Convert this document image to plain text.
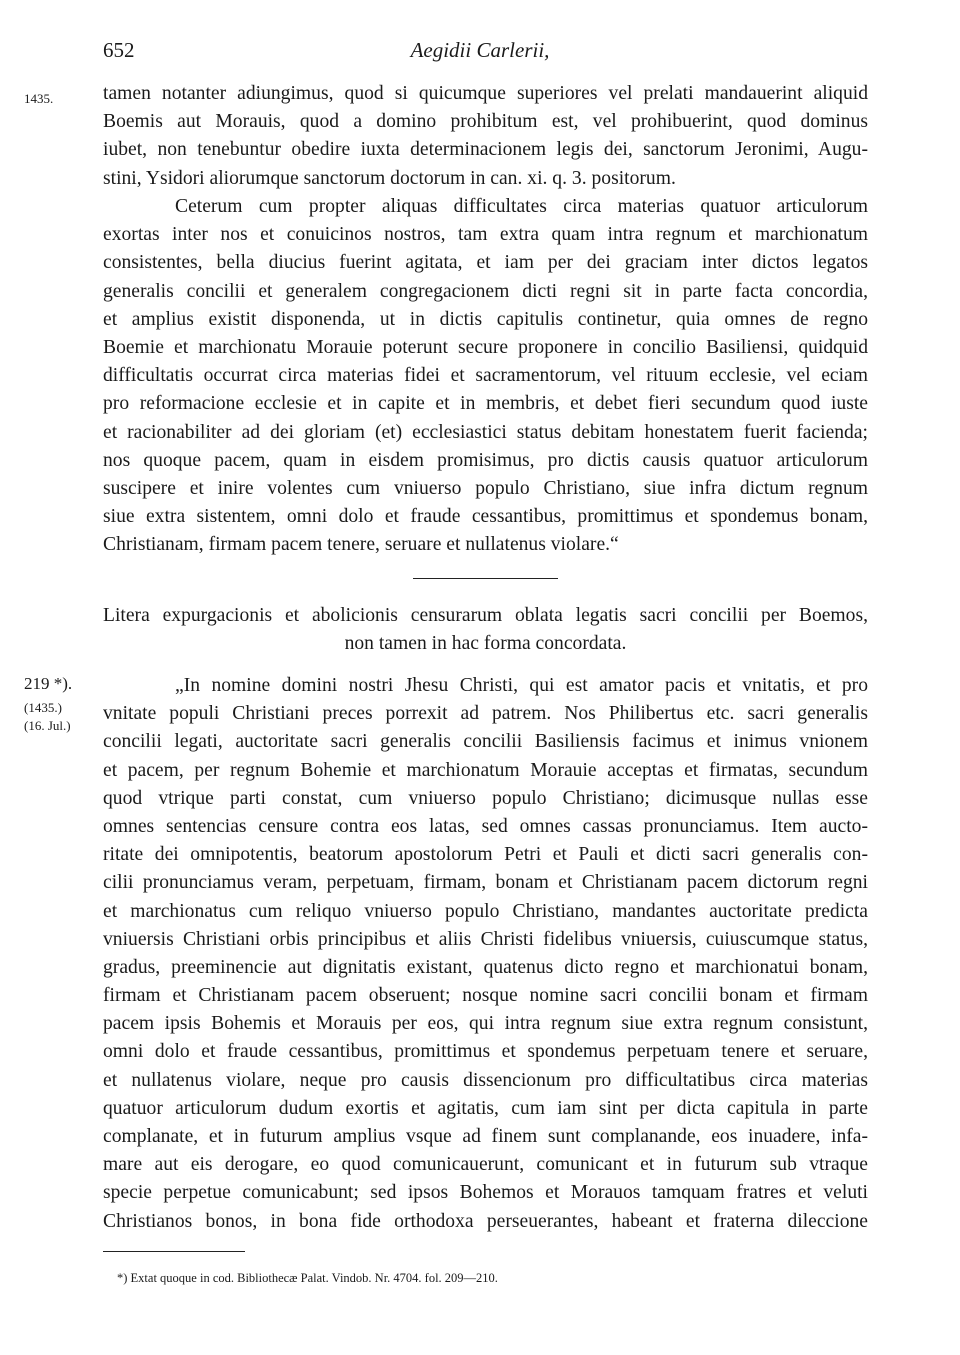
652	Aegidii Carlerii,
1435.	tamen notanter adiungimus, quod si quicumque superiores vel prelati mandauerint aliquid
Boemis aut Morauis, quod a domino prohibitum est, vel prohibuerint, quod dominus
iubet, non tenebuntur obedire iuxta determinacionem legis dei, sanctorum Jeronimi, Augu-
stini, Ysidori aliorumque sanctorum doctorum in can. xi. q. 3. positorum.
Ceterum cum propter aliquas difficultates circa materias quatuor articulorum
exortas inter nos et conuicinos nostros, tam extra quam intra regnum et marchionatum
consistentes, bella diucius fuerint agitata, et iam per dei graciam inter dictos legatos
generalis concilii et generalem congregacionem dicti regni sit in parte facta concordia,
et amplius existit disponenda, ut in dictis capitulis continetur, quia omnes de regno
Boemie et marchionatu Morauie poterunt secure proponere in concilio Basiliensi, quidquid
difficultatis occurrat circa materias fidei et sacramentorum, vel rituum ecclesie, vel eciam
pro reformacione ecclesie et in capite et in membris, et debet fieri secundum quod iuste
et racionabiliter ad dei gloriam (et) ecclesiastici status debitam honestatem fuerit facienda;
nos quoque pacem, quam in eisdem promisimus, pro dictis causis quatuor articulorum
suscipere et inire volentes cum vniuerso populo Christiano, siue infra dictum regnum
siue extra sistentem, omni dolo et fraude cessantibus, promittimus et spondemus bonam,
Christianam, firmam pacem tenere, seruare et nullatenus violare.“
Litera expurgacionis et abolicionis censurarum oblata legatis sacri concilii per Boemos,
non tamen in hac forma concordata.
219 *).
(1435.)
(16. Jul.)
„In nomine domini nostri Jhesu Christi, qui est amator pacis et vnitatis, et pro
vnitate populi Christiani preces porrexit ad patrem. Nos Philibertus etc. sacri generalis
concilii legati, auctoritate sacri generalis concilii Basiliensis facimus et inimus vnionem
et pacem, per regnum Bohemie et marchionatum Morauie acceptas et firmatas, secundum
quod vtrique parti constat, cum vniuerso populo Christiano; dicimusque nullas esse
omnes sentencias censure contra eos latas, sed omnes cassas pronunciamus. Item aucto-
ritate dei omnipotentis, beatorum apostolorum Petri et Pauli et dicti sacri generalis con-
cilii pronunciamus veram, perpetuam, firmam, bonam et Christianam pacem dictorum regni
et marchionatus cum reliquo vniuerso populo Christiano, mandantes auctoritate predicta
vniuersis Christiani orbis principibus et aliis Christi fidelibus vniuersis, cuiuscumque status,
gradus, preeminencie aut dignitatis existant, quatenus dicto regno et marchionatui bonam,
firmam et Christianam pacem obseruent; nosque nomine sacri concilii bonam et firmam
pacem ipsis Bohemis et Morauis per eos, qui intra regnum siue extra regnum consistunt,
omni dolo et fraude cessantibus, promittimus et spondemus perpetuam tenere et seruare,
et nullatenus violare, neque pro causis dissencionum pro difficultatibus circa materias
quatuor articulorum dudum exortis et agitatis, cum iam sint per dicta capitula in parte
complanate, et in futurum amplius vsque ad finem sunt complanande, eos inuadere, infa-
mare aut eis derogare, eo quod comunicauerunt, comunicant et in futurum sub vtraque
specie perpetue comunicabunt; sed ipsos Bohemos et Morauos tamquam fratres et veluti
Christianos bonos, in bona fide orthodoxa perseuerantes, habeant et fraterna dileccione
*) Extat quoque in cod. Bibliothecæ Palat. Vindob. Nr. 4704. fol. 209—210.
